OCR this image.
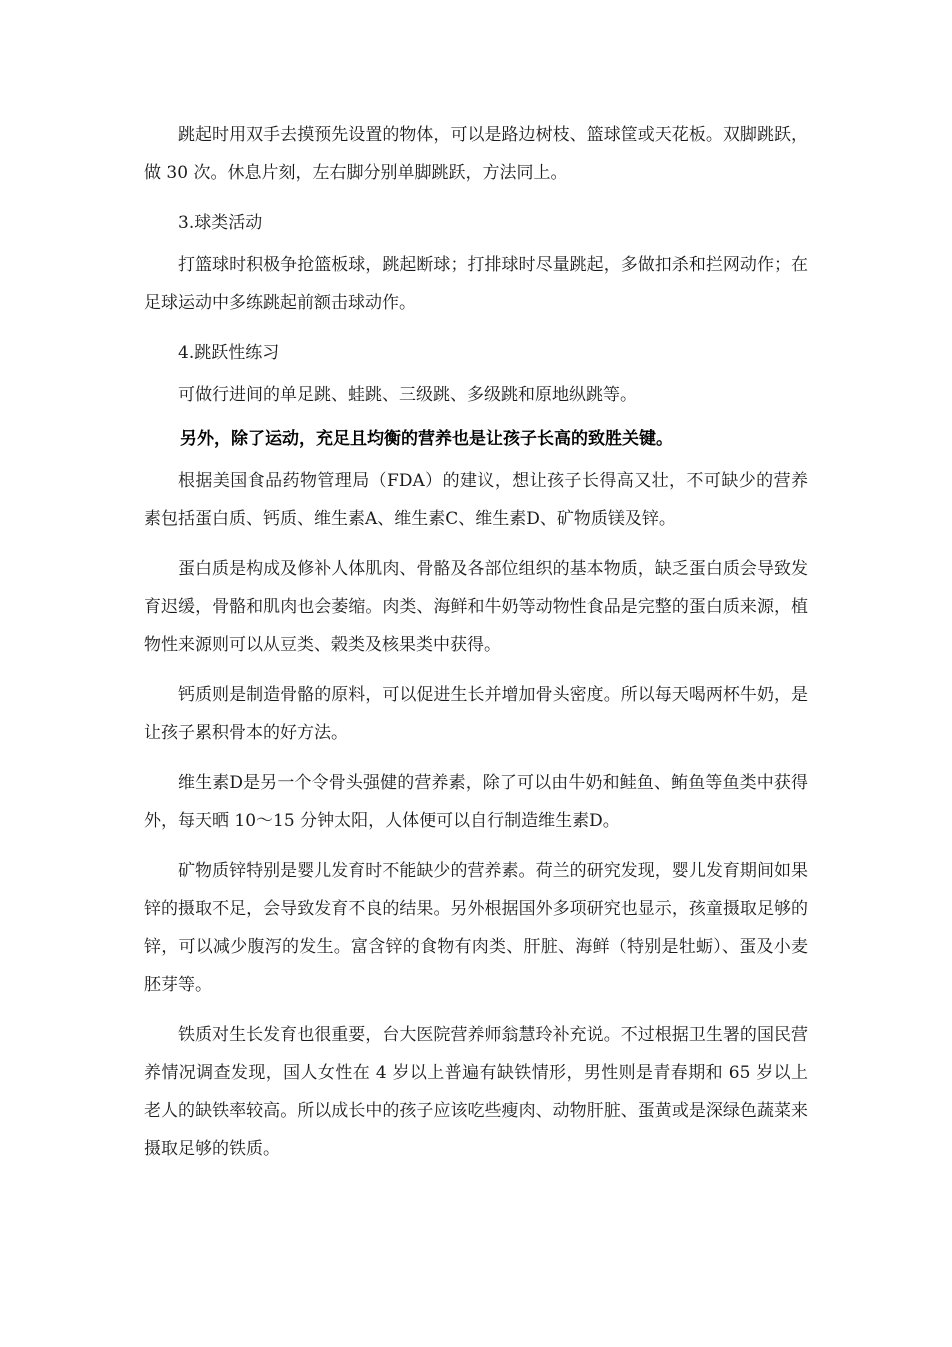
跳起时用双手去摸预先设置的物体，可以是路边树枝、篮球筐或天花板。双脚跳跃，做 30 次。休息片刻，左右脚分别单脚跳跃，方法同上。

3.球类活动

打篮球时积极争抢篮板球，跳起断球；打排球时尽量跳起，多做扣杀和拦网动作；在足球运动中多练跳起前额击球动作。

4.跳跃性练习

可做行进间的单足跳、蛙跳、三级跳、多级跳和原地纵跳等。

另外，除了运动，充足且均衡的营养也是让孩子长高的致胜关键。

根据美国食品药物管理局（FDA）的建议，想让孩子长得高又壮，不可缺少的营养素包括蛋白质、钙质、维生素A、维生素C、维生素D、矿物质镁及锌。

蛋白质是构成及修补人体肌肉、骨骼及各部位组织的基本物质，缺乏蛋白质会导致发育迟缓，骨骼和肌肉也会萎缩。肉类、海鲜和牛奶等动物性食品是完整的蛋白质来源，植物性来源则可以从豆类、榖类及核果类中获得。

钙质则是制造骨骼的原料，可以促进生长并增加骨头密度。所以每天喝两杯牛奶，是让孩子累积骨本的好方法。

维生素D是另一个令骨头强健的营养素，除了可以由牛奶和鲑鱼、鲔鱼等鱼类中获得外，每天晒 10～15 分钟太阳，人体便可以自行制造维生素D。

矿物质锌特别是婴儿发育时不能缺少的营养素。荷兰的研究发现，婴儿发育期间如果锌的摄取不足，会导致发育不良的结果。另外根据国外多项研究也显示，孩童摄取足够的锌，可以减少腹泻的发生。富含锌的食物有肉类、肝脏、海鲜（特别是牡蛎）、蛋及小麦胚芽等。

铁质对生长发育也很重要，台大医院营养师翁慧玲补充说。不过根据卫生署的国民营养情况调查发现，国人女性在 4 岁以上普遍有缺铁情形，男性则是青春期和 65 岁以上老人的缺铁率较高。所以成长中的孩子应该吃些瘦肉、动物肝脏、蛋黄或是深绿色蔬菜来摄取足够的铁质。
